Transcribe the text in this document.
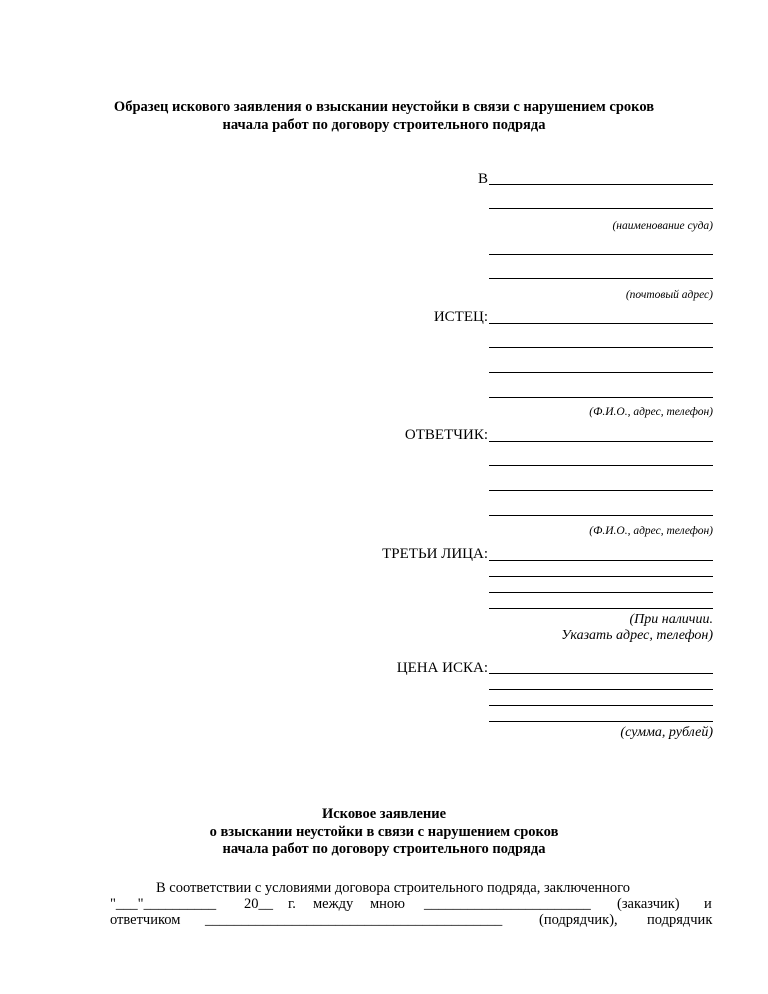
Образец искового заявления о взыскании неустойки в связи с нарушением сроков
начала работ по договору строительного подряда
В
(наименование суда)
(почтовый адрес)
ИСТЕЦ:
(Ф.И.О., адрес, телефон)
ОТВЕТЧИК:
(Ф.И.О., адрес, телефон)
ТРЕТЬИ ЛИЦА:
(При наличии.
Указать адрес, телефон)
ЦЕНА ИСКА:
(сумма, рублей)
Исковое заявление
о взыскании неустойки в связи с нарушением сроков
начала работ по договору строительного подряда
В соответствии с условиями договора строительного подряда, заключенного
"___"__________ 20__ г. между мною _______________________ (заказчик) и
ответчиком _________________________________________	(подрядчик), подрядчик
